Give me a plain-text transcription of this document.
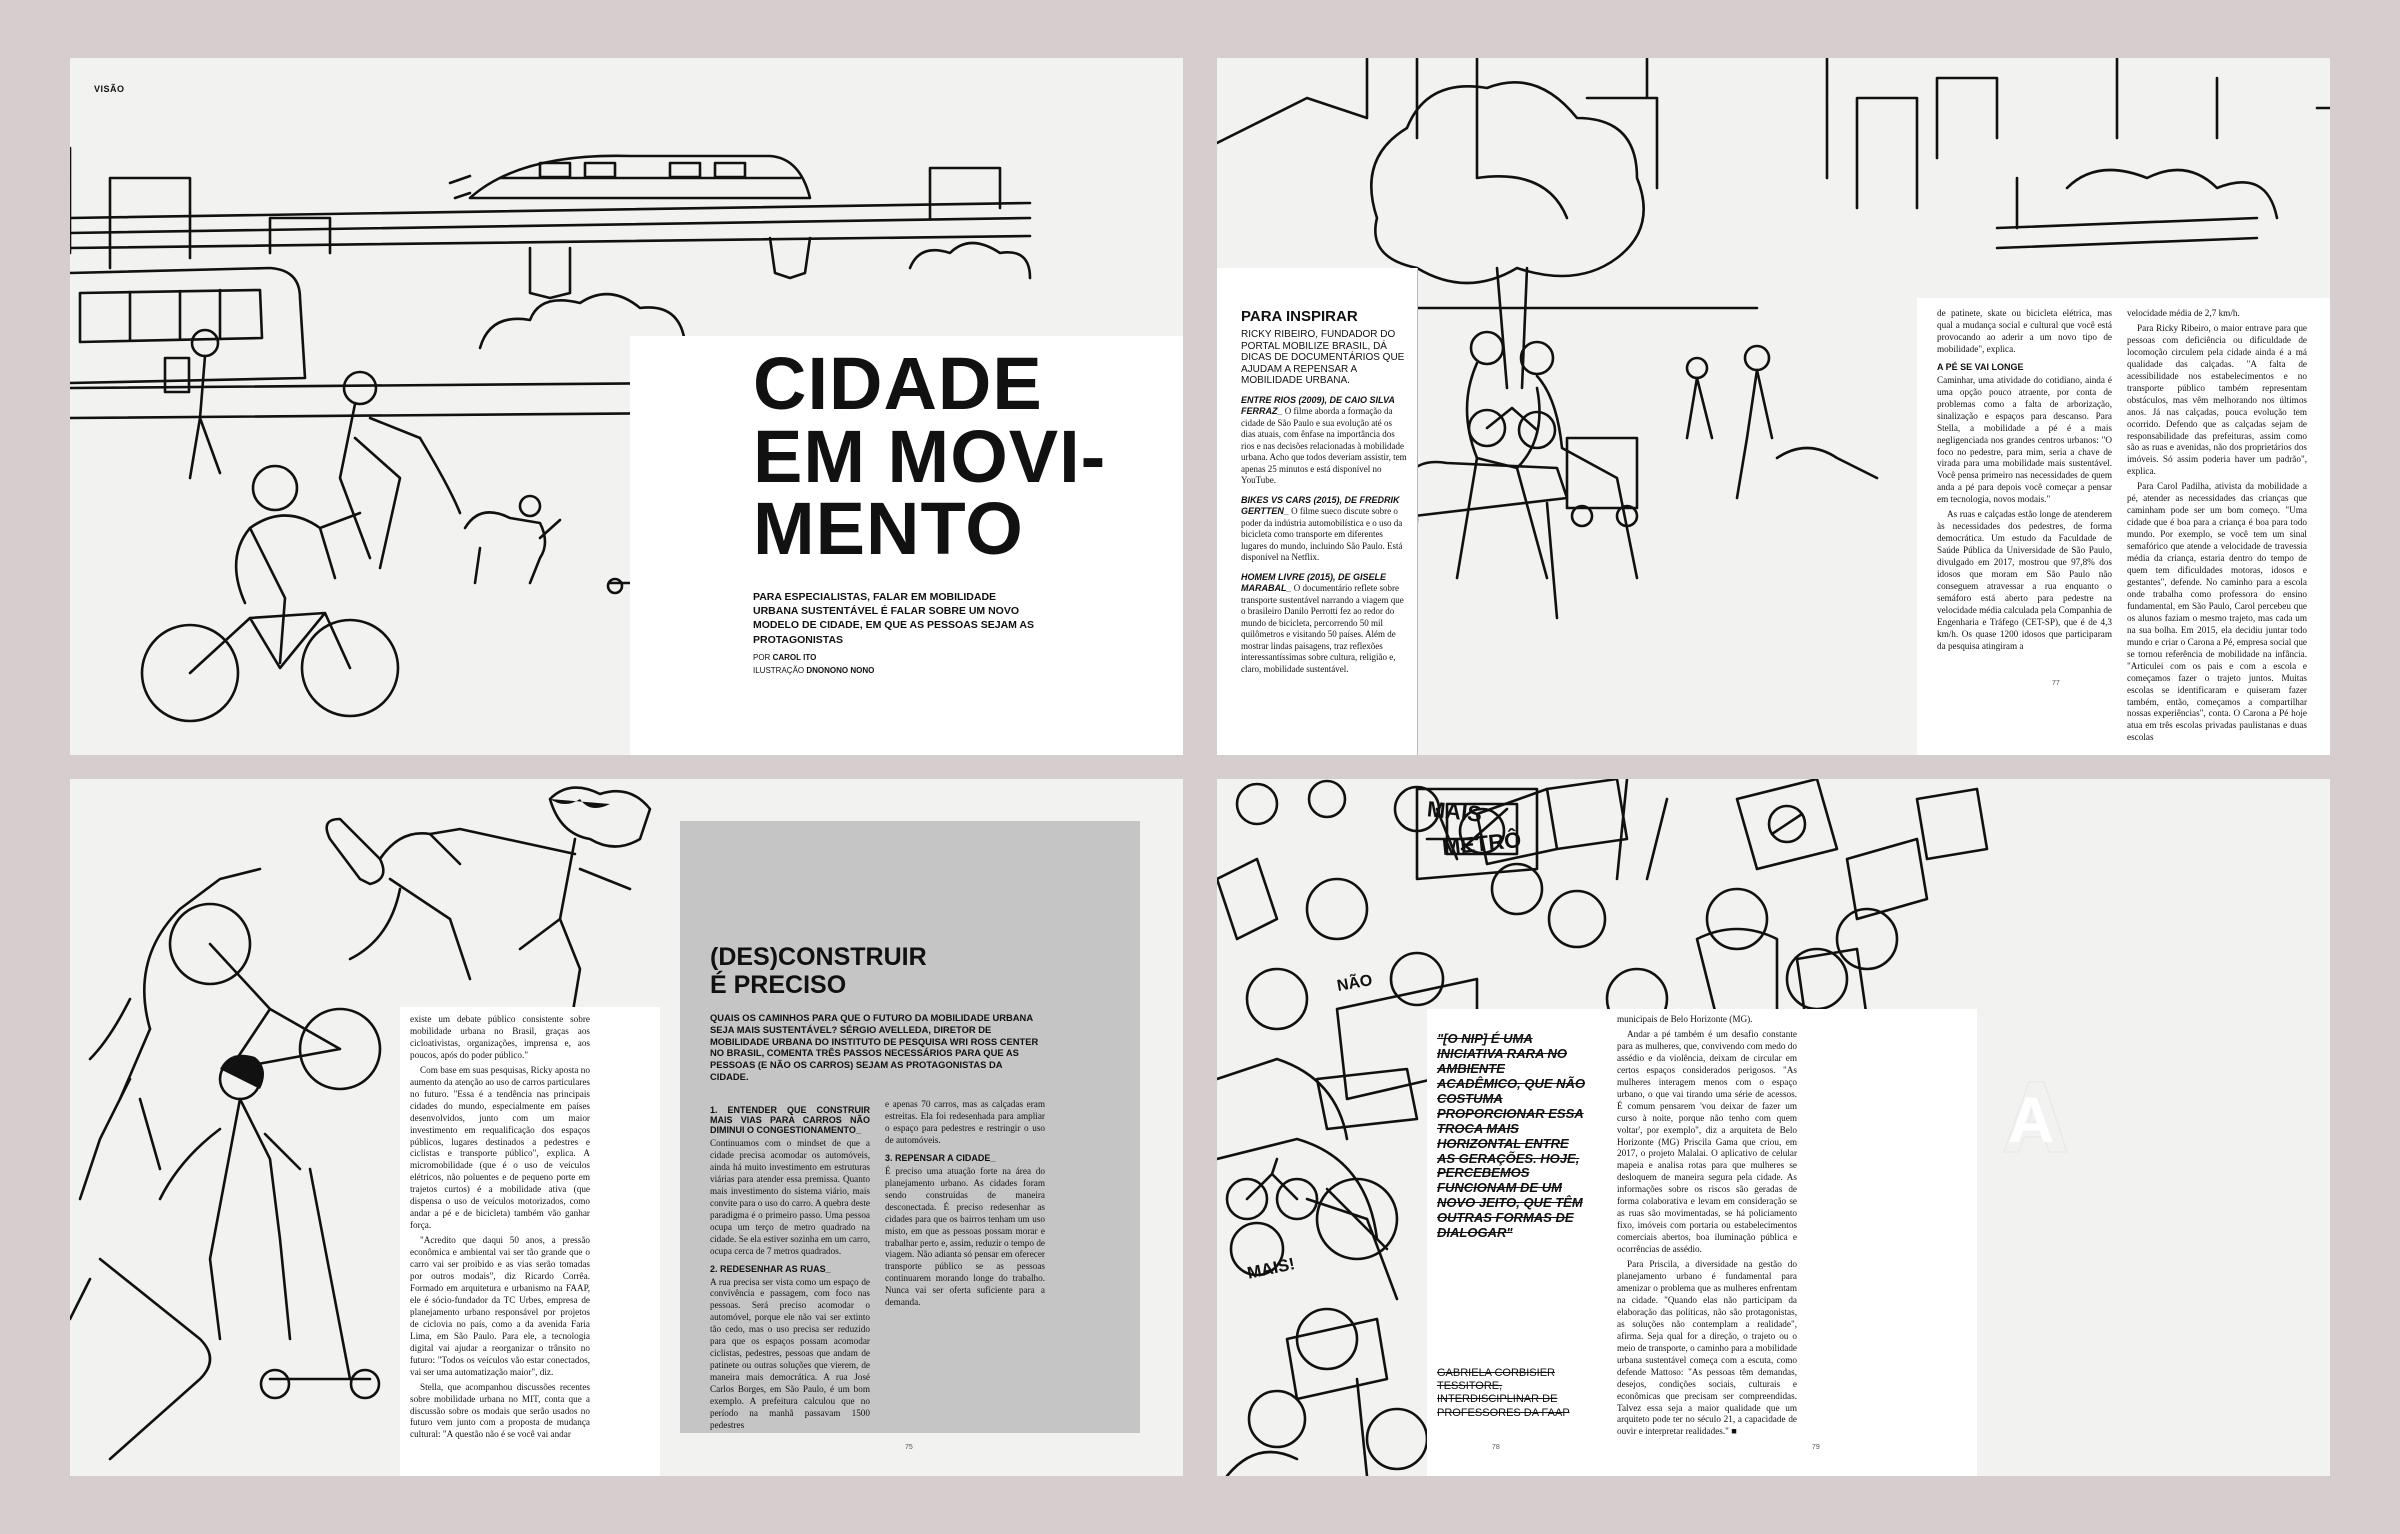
VISÃO
CIDADE
EM MOVI-
MENTO
PARA ESPECIALISTAS, FALAR EM MOBILIDADE URBANA SUSTENTÁVEL É FALAR SOBRE UM NOVO MODELO DE CIDADE, EM QUE AS PESSOAS SEJAM AS PROTAGONISTAS
POR CAROL ITO
ILUSTRAÇÃO DNONONO NONO
PARA INSPIRAR
RICKY RIBEIRO, FUNDADOR DO PORTAL MOBILIZE BRASIL, DÁ DICAS DE DOCUMENTÁRIOS QUE AJUDAM A REPENSAR A MOBILIDADE URBANA.
ENTRE RIOS (2009), DE CAIO SILVA FERRAZ_ O filme aborda a formação da cidade de São Paulo e sua evolução até os dias atuais, com ênfase na importância dos rios e nas decisões relacionadas à mobilidade urbana. Acho que todos deveriam assistir, tem apenas 25 minutos e está disponível no YouTube.
BIKES VS CARS (2015), DE FREDRIK GERTTEN_ O filme sueco discute sobre o poder da indústria automobilística e o uso da bicicleta como transporte em diferentes lugares do mundo, incluindo São Paulo. Está disponível na Netflix.
HOMEM LIVRE (2015), DE GISELE MARABAL_ O documentário reflete sobre transporte sustentável narrando a viagem que o brasileiro Danilo Perrotti fez ao redor do mundo de bicicleta, percorrendo 50 mil quilômetros e visitando 50 países. Além de mostrar lindas paisagens, traz reflexões interessantíssimas sobre cultura, religião e, claro, mobilidade sustentável.

de patinete, skate ou bicicleta elétrica, mas qual a mudança social e cultural que você está provocando ao aderir a um novo tipo de mobilidade", explica.

A PÉ SE VAI LONGE

Caminhar, uma atividade do cotidiano, ainda é uma opção pouco atraente, por conta de problemas como a falta de arborização, sinalização e espaços para descanso. Para Stella, a mobilidade a pé é a mais negligenciada nos grandes centros urbanos: "O foco no pedestre, para mim, seria a chave de virada para uma mobilidade mais sustentável. Você pensa primeiro nas necessidades de quem anda a pé para depois você começar a pensar em tecnologia, novos modais."

As ruas e calçadas estão longe de atenderem às necessidades dos pedestres, de forma democrática. Um estudo da Faculdade de Saúde Pública da Universidade de São Paulo, divulgado em 2017, mostrou que 97,8% dos idosos que moram em São Paulo não conseguem atravessar a rua enquanto o semáforo está aberto para pedestre na velocidade média calculada pela Companhia de Engenharia e Tráfego (CET-SP), que é de 4,3 km/h. Os quase 1200 idosos que participaram da pesquisa atingiram a

velocidade média de 2,7 km/h.

Para Ricky Ribeiro, o maior entrave para que pessoas com deficiência ou dificuldade de locomoção circulem pela cidade ainda é a má qualidade das calçadas. "A falta de acessibilidade nos estabelecimentos e no transporte público também representam obstáculos, mas vêm melhorando nos últimos anos. Já nas calçadas, pouca evolução tem ocorrido. Defendo que as calçadas sejam de responsabilidade das prefeituras, assim como são as ruas e avenidas, não dos proprietários dos imóveis. Só assim poderia haver um padrão", explica.

Para Carol Padilha, ativista da mobilidade a pé, atender as necessidades das crianças que caminham pode ser um bom começo. "Uma cidade que é boa para a criança é boa para todo mundo. Por exemplo, se você tem um sinal semafórico que atende a velocidade de travessia média da criança, estaria dentro do tempo de quem tem dificuldades motoras, idosos e gestantes", defende. No caminho para a escola onde trabalha como professora do ensino fundamental, em São Paulo, Carol percebeu que os alunos faziam o mesmo trajeto, mas cada um na sua bolha. Em 2015, ela decidiu juntar todo mundo e criar o Carona a Pé, empresa social que se tornou referência de mobilidade na infância. "Articulei com os pais e com a escola e começamos fazer o trajeto juntos. Muitas escolas se identificaram e quiseram fazer também, então, começamos a compartilhar nossas experiências", conta. O Carona a Pé hoje atua em três escolas privadas paulistanas e duas escolas

77

existe um debate público consistente sobre mobilidade urbana no Brasil, graças aos cicloativistas, organizações, imprensa e, aos poucos, após do poder público."

Com base em suas pesquisas, Ricky aposta no aumento da atenção ao uso de carros particulares no futuro. "Essa é a tendência nas principais cidades do mundo, especialmente em países desenvolvidos, junto com um maior investimento em requalificação dos espaços públicos, lugares destinados a pedestres e ciclistas e transporte público", explica. A micromobilidade (que é o uso de veículos elétricos, não poluentes e de pequeno porte em trajetos curtos) é a mobilidade ativa (que dispensa o uso de veículos motorizados, como andar a pé e de bicicleta) também vão ganhar força.

"Acredito que daqui 50 anos, a pressão econômica e ambiental vai ser tão grande que o carro vai ser proibido e as vias serão tomadas por outros modais", diz Ricardo Corrêa. Formado em arquitetura e urbanismo na FAAP, ele é sócio-fundador da TC Urbes, empresa de planejamento urbano responsável por projetos de ciclovia no país, como a da avenida Faria Lima, em São Paulo. Para ele, a tecnologia digital vai ajudar a reorganizar o trânsito no futuro: "Todos os veículos vão estar conectados, vai ser uma automatização maior", diz.

Stella, que acompanhou discussões recentes sobre mobilidade urbana no MIT, conta que a discussão sobre os modais que serão usados no futuro vem junto com a proposta de mudança cultural: "A questão não é se você vai andar

(DES)CONSTRUIR
É PRECISO
QUAIS OS CAMINHOS PARA QUE O FUTURO DA MOBILIDADE URBANA SEJA MAIS SUSTENTÁVEL? SÉRGIO AVELLEDA, DIRETOR DE MOBILIDADE URBANA DO INSTITUTO DE PESQUISA WRI ROSS CENTER NO BRASIL, COMENTA TRÊS PASSOS NECESSÁRIOS PARA QUE AS PESSOAS (E NÃO OS CARROS) SEJAM AS PROTAGONISTAS DA CIDADE.
1. ENTENDER QUE CONSTRUIR MAIS VIAS PARA CARROS NÃO DIMINUI O CONGESTIONAMENTO_

Continuamos com o mindset de que a cidade precisa acomodar os automóveis, ainda há muito investimento em estruturas viárias para atender essa premissa. Quanto mais investimento do sistema viário, mais convite para o uso do carro. A quebra deste paradigma é o primeiro passo. Uma pessoa ocupa um terço de metro quadrado na cidade. Se ela estiver sozinha em um carro, ocupa cerca de 7 metros quadrados.

2. REDESENHAR AS RUAS_

A rua precisa ser vista como um espaço de convivência e passagem, com foco nas pessoas. Será preciso acomodar o automóvel, porque ele não vai ser extinto tão cedo, mas o uso precisa ser reduzido para que os espaços possam acomodar ciclistas, pedestres, pessoas que andam de patinete ou outras soluções que vierem, de maneira mais democrática. A rua José Carlos Borges, em São Paulo, é um bom exemplo. A prefeitura calculou que no período na manhã passavam 1500 pedestres

e apenas 70 carros, mas as calçadas eram estreitas. Ela foi redesenhada para ampliar o espaço para pedestres e restringir o uso de automóveis.

3. REPENSAR A CIDADE_

É preciso uma atuação forte na área do planejamento urbano. As cidades foram sendo construídas de maneira desconectada. É preciso redesenhar as cidades para que os bairros tenham um uso misto, em que as pessoas possam morar e trabalhar perto e, assim, reduzir o tempo de viagem. Não adianta só pensar em oferecer transporte público se as pessoas continuarem morando longe do trabalho. Nunca vai ser oferta suficiente para a demanda.

75
MAIS
METRÔ
NÃO
MAIS!
"[O NIP] É UMA INICIATIVA RARA NO AMBIENTE ACADÊMICO, QUE NÃO COSTUMA PROPORCIONAR ESSA TROCA MAIS HORIZONTAL ENTRE AS GERAÇÕES. HOJE, PERCEBEMOS FUNCIONAM DE UM NOVO JEITO, QUE TÊM OUTRAS FORMAS DE DIALOGAR"
GABRIELA CORBISIER TESSITORE, INTERDISCIPLINAR DE PROFESSORES DA FAAP

municipais de Belo Horizonte (MG).

Andar a pé também é um desafio constante para as mulheres, que, convivendo com medo do assédio e da violência, deixam de circular em certos espaços considerados perigosos. "As mulheres interagem menos com o espaço urbano, o que vai tirando uma série de acessos. É comum pensarem 'vou deixar de fazer um curso à noite, porque não tenho com quem voltar', por exemplo", diz a arquiteta de Belo Horizonte (MG) Priscila Gama que criou, em 2017, o projeto Malalai. O aplicativo de celular mapeia e analisa rotas para que mulheres se desloquem de maneira segura pela cidade. As informações sobre os riscos são geradas de forma colaborativa e levam em consideração se as ruas são movimentadas, se há policiamento fixo, imóveis com portaria ou estabelecimentos comerciais abertos, boa iluminação pública e ocorrências de assédio.

Para Priscila, a diversidade na gestão do planejamento urbano é fundamental para amenizar o problema que as mulheres enfrentam na cidade. "Quando elas não participam da elaboração das políticas, não são protagonistas, as soluções não contemplam a realidade", afirma. Seja qual for a direção, o trajeto ou o meio de transporte, o caminho para a mobilidade urbana sustentável começa com a escuta, como defende Mattoso: "As pessoas têm demandas, desejos, condições sociais, culturais e econômicas que precisam ser compreendidas. Talvez essa seja a maior qualidade que um arquiteto pode ter no século 21, a capacidade de ouvir e interpretar realidades." ■

A
78	79
